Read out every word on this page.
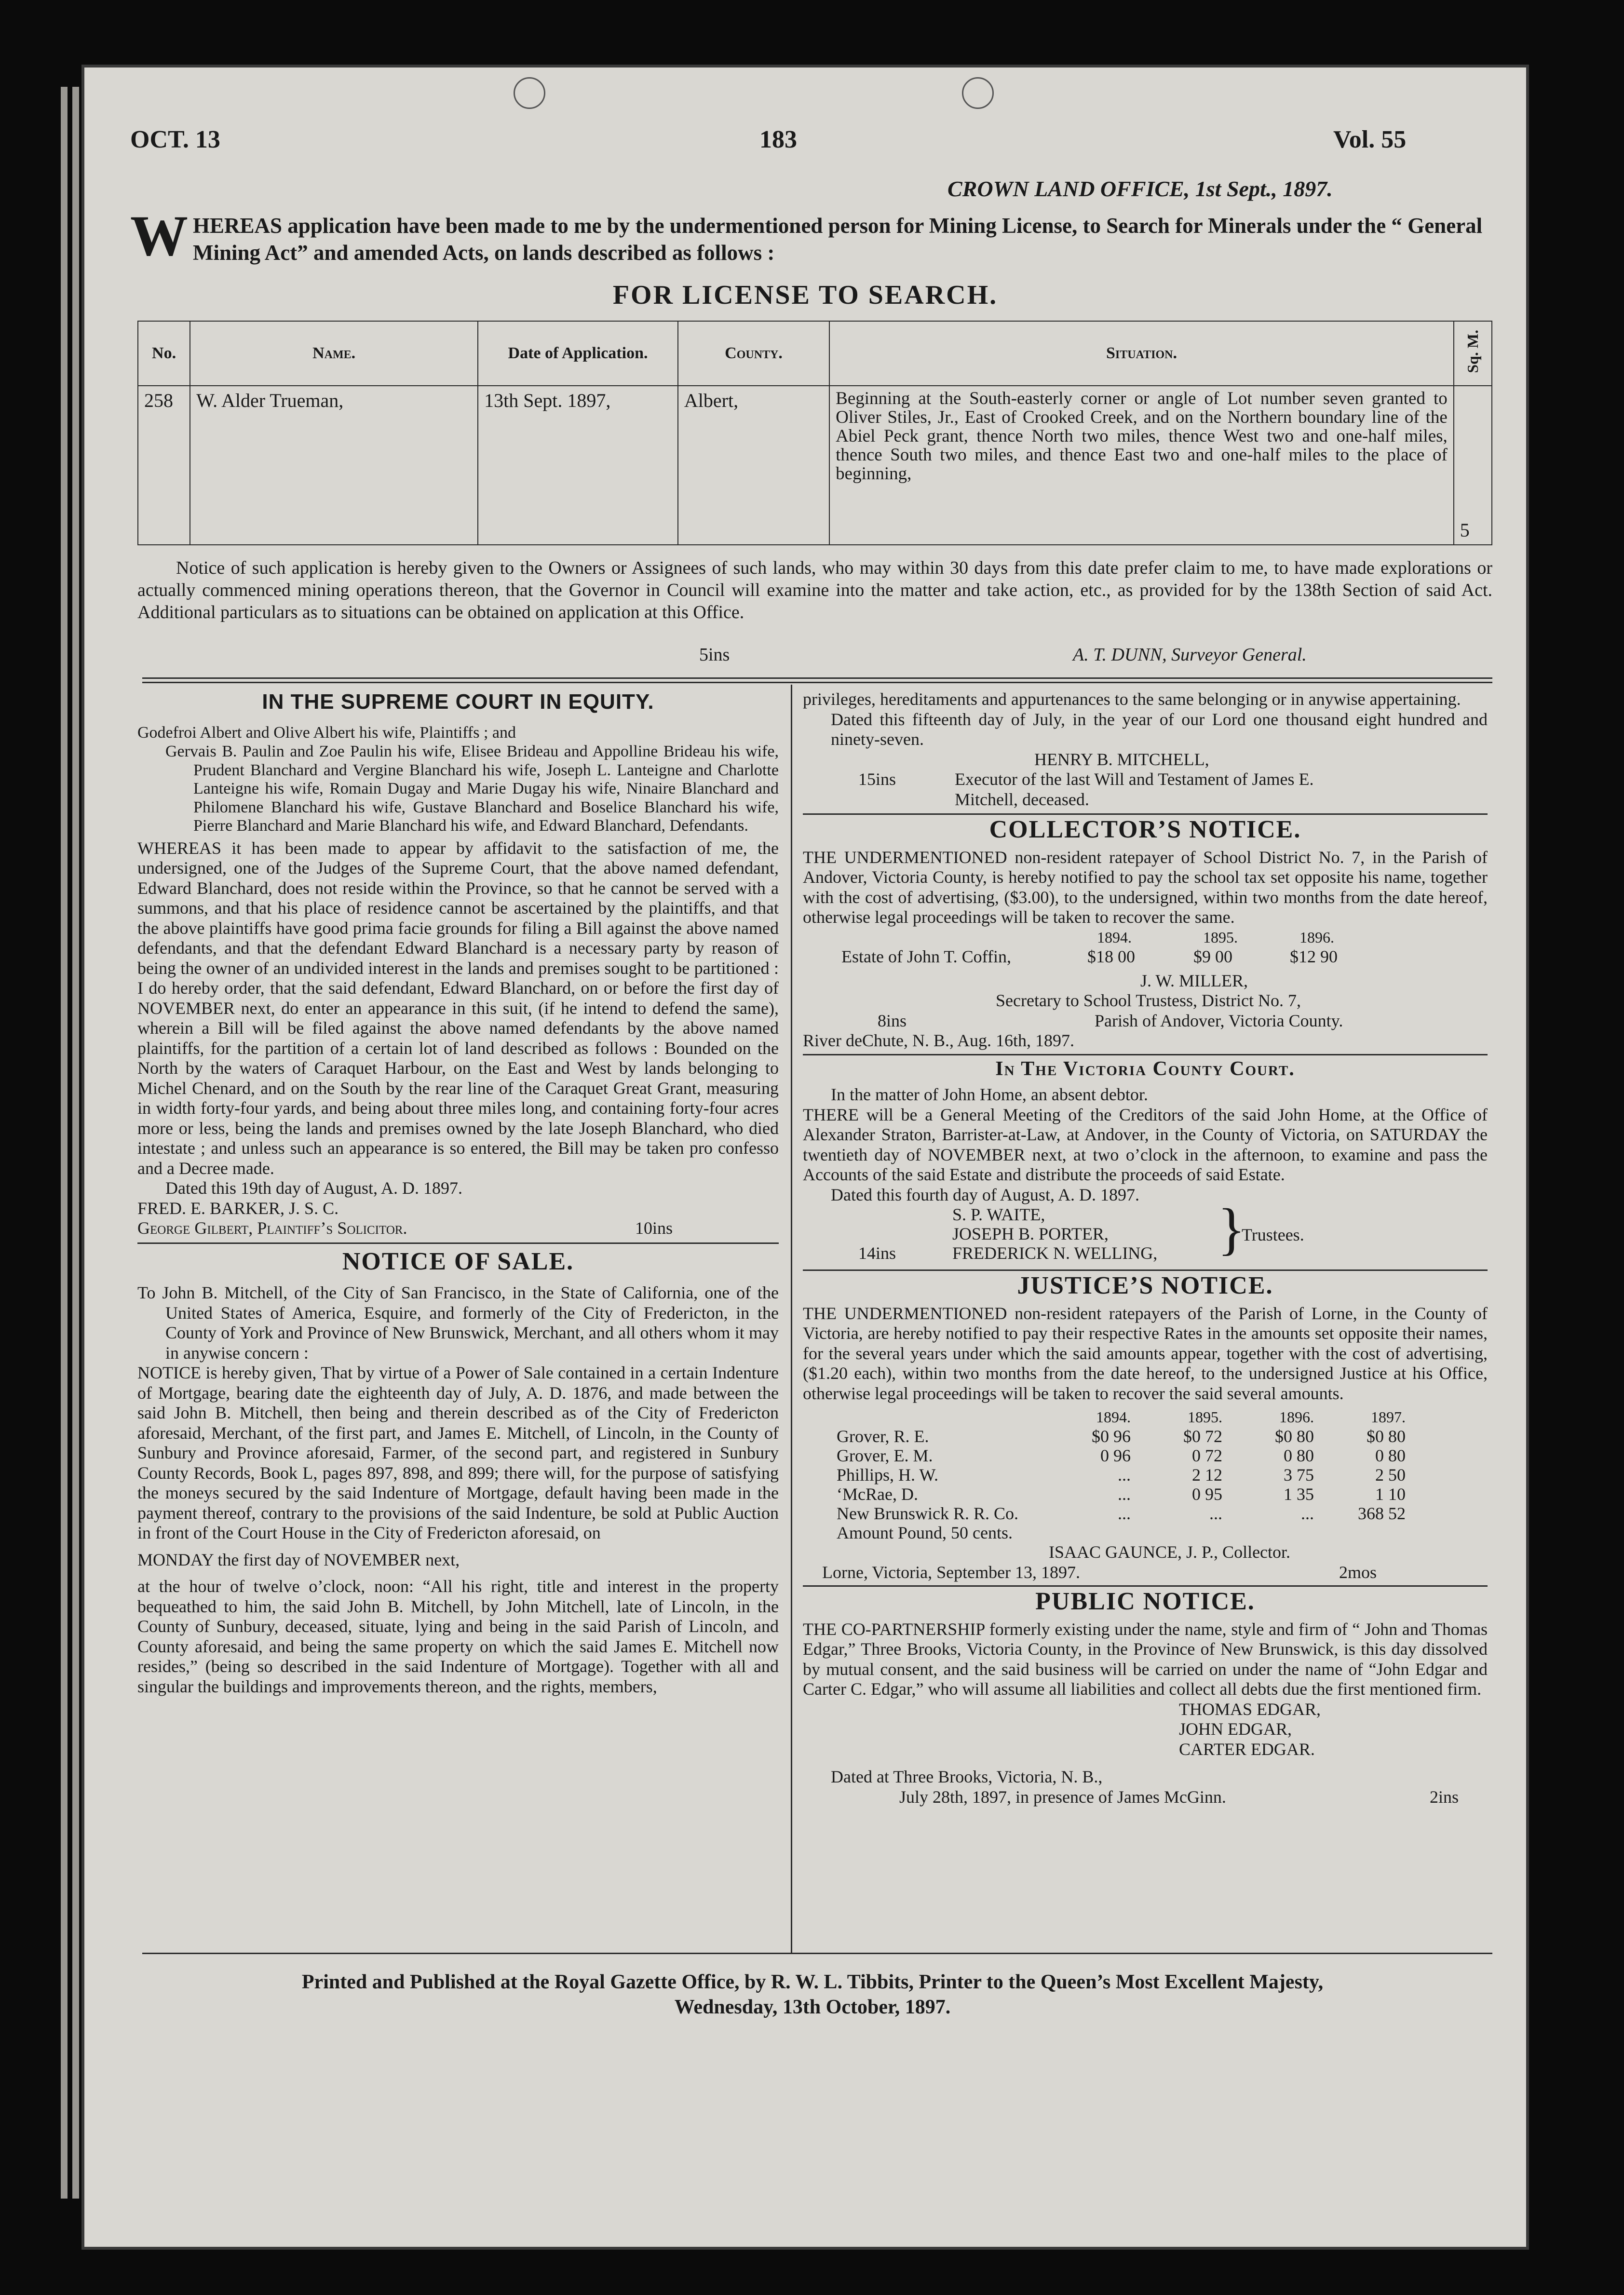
OCT. 13	183	Vol. 55
CROWN LAND OFFICE, 1st Sept., 1897.
WHEREAS application have been made to me by the undermentioned person for Mining License, to Search for Minerals under the “ General Mining Act” and amended Acts, on lands described as follows :
FOR LICENSE TO SEARCH.
No.	Name.	Date of Application.	County.	Situation.	Sq. M.
258	W. Alder Trueman,	13th Sept. 1897,	Albert,	Beginning at the South-easterly corner or angle of Lot number seven granted to Oliver Stiles, Jr., East of Crooked Creek, and on the Northern boundary line of the Abiel Peck grant, thence North two miles, thence West two and one-half miles, thence South two miles, and thence East two and one-half miles to the place of beginning,	5
Notice of such application is hereby given to the Owners or Assignees of such lands, who may within 30 days from this date prefer claim to me, to have made explorations or actually commenced mining operations thereon, that the Governor in Council will examine into the matter and take action, etc., as provided for by the 138th Section of said Act. Additional particulars as to situations can be obtained on application at this Office.
5ins	A. T. DUNN, Surveyor General.
IN THE SUPREME COURT IN EQUITY.

Godefroi Albert and Olive Albert his wife, Plaintiffs ; and

Gervais B. Paulin and Zoe Paulin his wife, Elisee Brideau and Appolline Brideau his wife, Prudent Blanchard and Vergine Blanchard his wife, Joseph L. Lanteigne and Charlotte Lanteigne his wife, Romain Dugay and Marie Dugay his wife, Ninaire Blanchard and Philomene Blanchard his wife, Gustave Blanchard and Boselice Blanchard his wife, Pierre Blanchard and Marie Blanchard his wife, and Edward Blanchard, Defendants.

WHEREAS it has been made to appear by affidavit to the satisfaction of me, the undersigned, one of the Judges of the Supreme Court, that the above named defendant, Edward Blanchard, does not reside within the Province, so that he cannot be served with a summons, and that his place of residence cannot be ascertained by the plaintiffs, and that the above plaintiffs have good prima facie grounds for filing a Bill against the above named defendants, and that the defendant Edward Blanchard is a necessary party by reason of being the owner of an undivided interest in the lands and premises sought to be partitioned : I do hereby order, that the said defendant, Edward Blanchard, on or before the first day of NOVEMBER next, do enter an appearance in this suit, (if he intend to defend the same), wherein a Bill will be filed against the above named defendants by the above named plaintiffs, for the partition of a certain lot of land described as follows : Bounded on the North by the waters of Caraquet Harbour, on the East and West by lands belonging to Michel Chenard, and on the South by the rear line of the Caraquet Great Grant, measuring in width forty-four yards, and being about three miles long, and containing forty-four acres more or less, being the lands and premises owned by the late Joseph Blanchard, who died intestate ; and unless such an appearance is so entered, the Bill may be taken pro confesso and a Decree made.

Dated this 19th day of August, A. D. 1897.

FRED. E. BARKER, J. S. C.

George Gilbert, Plaintiff’s Solicitor.	10ins
NOTICE OF SALE.

To John B. Mitchell, of the City of San Francisco, in the State of California, one of the United States of America, Esquire, and formerly of the City of Fredericton, in the County of York and Province of New Brunswick, Merchant, and all others whom it may in anywise concern :

NOTICE is hereby given, That by virtue of a Power of Sale contained in a certain Indenture of Mortgage, bearing date the eighteenth day of July, A. D. 1876, and made between the said John B. Mitchell, then being and therein described as of the City of Fredericton aforesaid, Merchant, of the first part, and James E. Mitchell, of Lincoln, in the County of Sunbury and Province aforesaid, Farmer, of the second part, and registered in Sunbury County Records, Book L, pages 897, 898, and 899; there will, for the purpose of satisfying the moneys secured by the said Indenture of Mortgage, default having been made in the payment thereof, contrary to the provisions of the said Indenture, be sold at Public Auction in front of the Court House in the City of Fredericton aforesaid, on

MONDAY the first day of NOVEMBER next,

at the hour of twelve o’clock, noon: “All his right, title and interest in the property bequeathed to him, the said John B. Mitchell, by John Mitchell, late of Lincoln, in the County of Sunbury, deceased, situate, lying and being in the said Parish of Lincoln, and County aforesaid, and being the same property on which the said James E. Mitchell now resides,” (being so described in the said Indenture of Mortgage). Together with all and singular the buildings and improvements thereon, and the rights, members,

privileges, hereditaments and appurtenances to the same belonging or in anywise appertaining.

Dated this fifteenth day of July, in the year of our Lord one thousand eight hundred and ninety-seven.

HENRY B. MITCHELL,

15ins	Executor of the last Will and Testament of James E. Mitchell, deceased.
COLLECTOR’S NOTICE.

THE UNDERMENTIONED non-resident ratepayer of School District No. 7, in the Parish of Andover, Victoria County, is hereby notified to pay the school tax set opposite his name, together with the cost of advertising, ($3.00), to the undersigned, within two months from the date hereof, otherwise legal proceedings will be taken to recover the same.

1894.	1895.	1896.
Estate of John T. Coffin,	$18 00	$9 00	$12 90

J. W. MILLER,

Secretary to School Trustess, District No. 7,

8ins	Parish of Andover, Victoria County.

River deChute, N. B., Aug. 16th, 1897.

In The Victoria County Court.

In the matter of John Home, an absent debtor.

THERE will be a General Meeting of the Creditors of the said John Home, at the Office of Alexander Straton, Barrister-at-Law, at Andover, in the County of Victoria, on SATURDAY the twentieth day of NOVEMBER next, at two o’clock in the afternoon, to examine and pass the Accounts of the said Estate and distribute the proceeds of said Estate.

Dated this fourth day of August, A. D. 1897.

S. P. WAITE,
JOSEPH B. PORTER,
14ins	FREDERICK N. WELLING, }
Trustees.
JUSTICE’S NOTICE.

THE UNDERMENTIONED non-resident ratepayers of the Parish of Lorne, in the County of Victoria, are hereby notified to pay their respective Rates in the amounts set opposite their names, for the several years under which the said amounts appear, together with the cost of advertising, ($1.20 each), within two months from the date hereof, to the undersigned Justice at his Office, otherwise legal proceedings will be taken to recover the said several amounts.

	1894.	1895.	1896.	1897.
Grover, R. E.	$0 96	$0 72	$0 80	$0 80
Grover, E. M.	0 96	0 72	0 80	0 80
Phillips, H. W.	...	2 12	3 75	2 50
‘McRae, D.	...	0 95	1 35	1 10
New Brunswick R. R. Co.	...	...	...	368 52
Amount Pound, 50 cents.				

ISAAC GAUNCE, J. P., Collector.

Lorne, Victoria, September 13, 1897.	2mos
PUBLIC NOTICE.

THE CO-PARTNERSHIP formerly existing under the name, style and firm of “ John and Thomas Edgar,” Three Brooks, Victoria County, in the Province of New Brunswick, is this day dissolved by mutual consent, and the said business will be carried on under the name of “John Edgar and Carter C. Edgar,” who will assume all liabilities and collect all debts due the first mentioned firm.

THOMAS EDGAR,

JOHN EDGAR,

CARTER EDGAR.

Dated at Three Brooks, Victoria, N. B.,

July 28th, 1897, in presence of James McGinn.	2ins
Printed and Published at the Royal Gazette Office, by R. W. L. Tibbits, Printer to the Queen’s Most Excellent Majesty,
Wednesday, 13th October, 1897.
